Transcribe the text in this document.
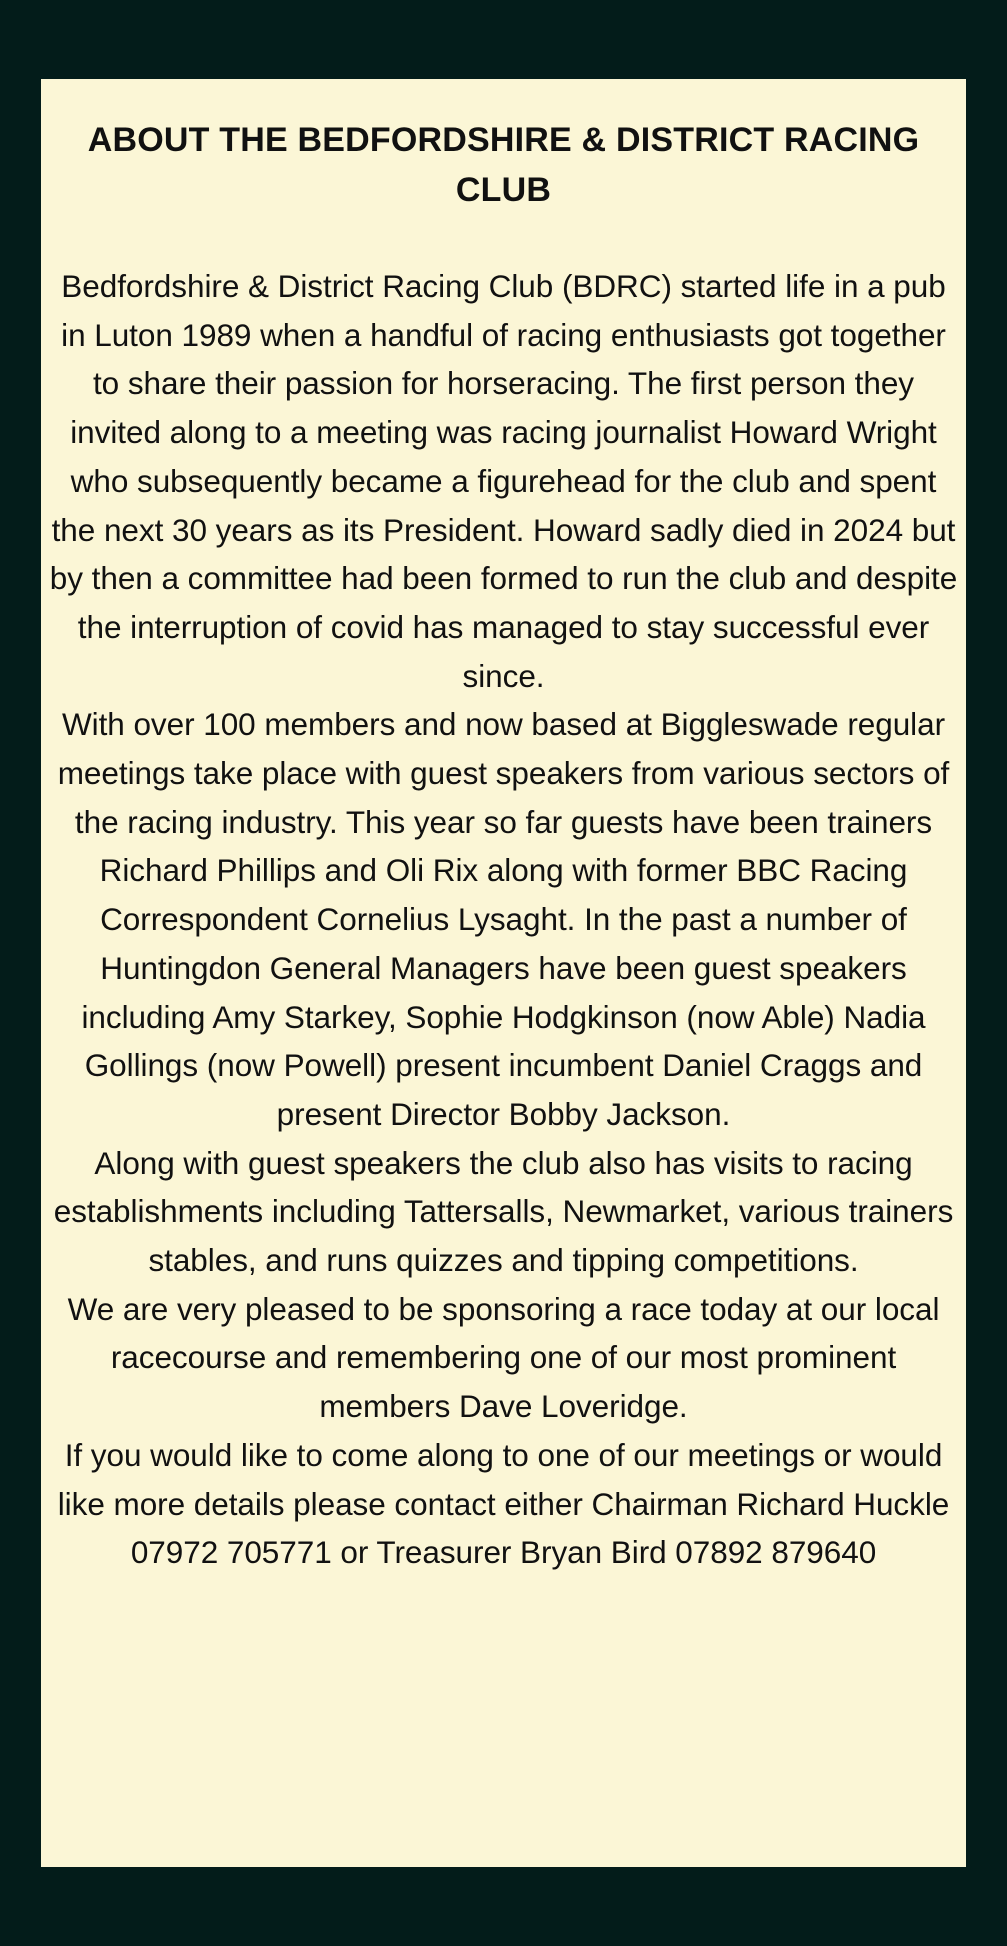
ABOUT THE BEDFORDSHIRE & DISTRICT RACING CLUB

Bedfordshire & District Racing Club (BDRC) started life in a pub in Luton 1989 when a handful of racing enthusiasts got together to share their passion for horseracing. The first person they invited along to a meeting was racing journalist Howard Wright who subsequently became a figurehead for the club and spent the next 30 years as its President. Howard sadly died in 2024 but by then a committee had been formed to run the club and despite the interruption of covid has managed to stay successful ever since.

With over 100 members and now based at Biggleswade regular meetings take place with guest speakers from various sectors of the racing industry. This year so far guests have been trainers Richard Phillips and Oli Rix along with former BBC Racing Correspondent Cornelius Lysaght. In the past a number of Huntingdon General Managers have been guest speakers including Amy Starkey, Sophie Hodgkinson (now Able) Nadia Gollings (now Powell) present incumbent Daniel Craggs and present Director Bobby Jackson.

Along with guest speakers the club also has visits to racing establishments including Tattersalls, Newmarket, various trainers stables, and runs quizzes and tipping competitions.

We are very pleased to be sponsoring a race today at our local racecourse and remembering one of our most prominent members Dave Loveridge.

If you would like to come along to one of our meetings or would like more details please contact either Chairman Richard Huckle 07972 705771 or Treasurer Bryan Bird 07892 879640
